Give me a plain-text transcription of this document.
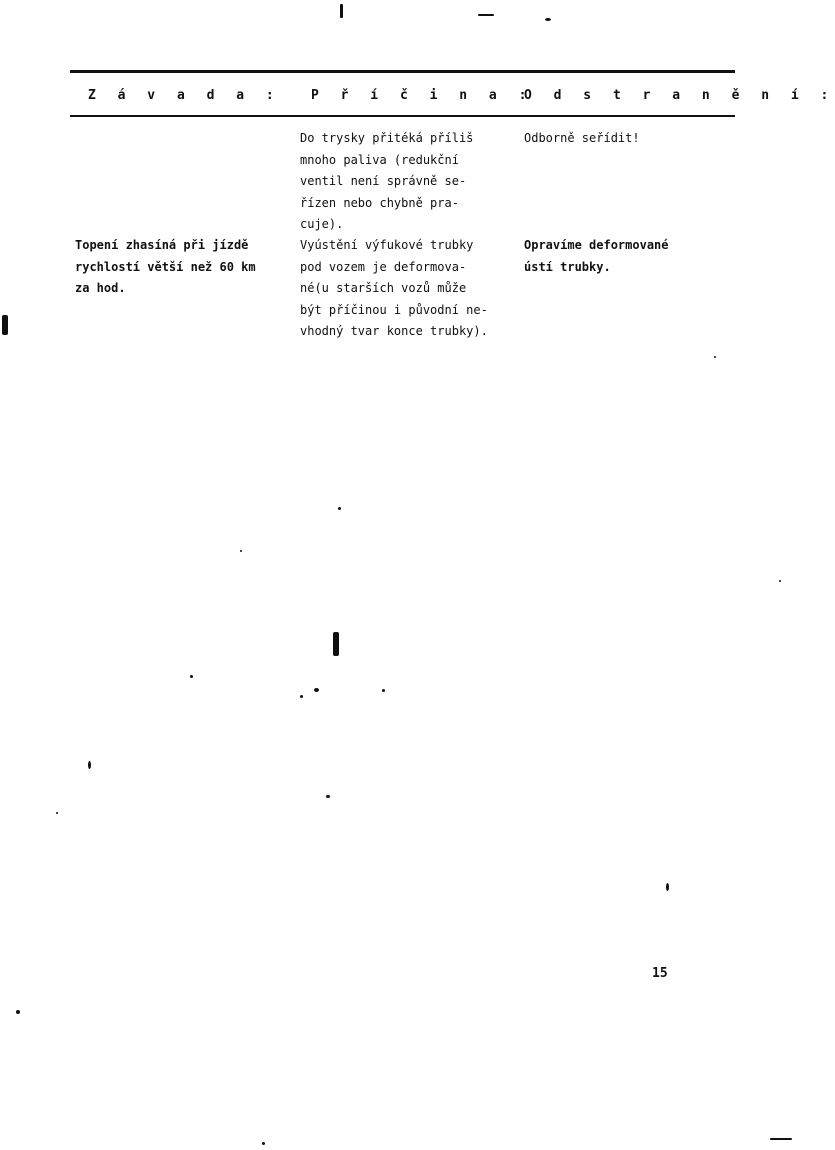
Z á v a d a : P ř í č i n a :
O d s t r a n ě n í :
Do trysky přitéká příliš
mnoho paliva (redukční
ventil není správně se-
řízen nebo chybně pra-
cuje).
Odborně seřídit!
Topení zhasíná při jízdě
rychlostí větší než 60 km
za hod.
Vyústění výfukové trubky
pod vozem je deformova-
né(u starších vozů může
být příčinou i původní ne-
vhodný tvar konce trubky).
Opravíme deformované
ústí trubky.
15
